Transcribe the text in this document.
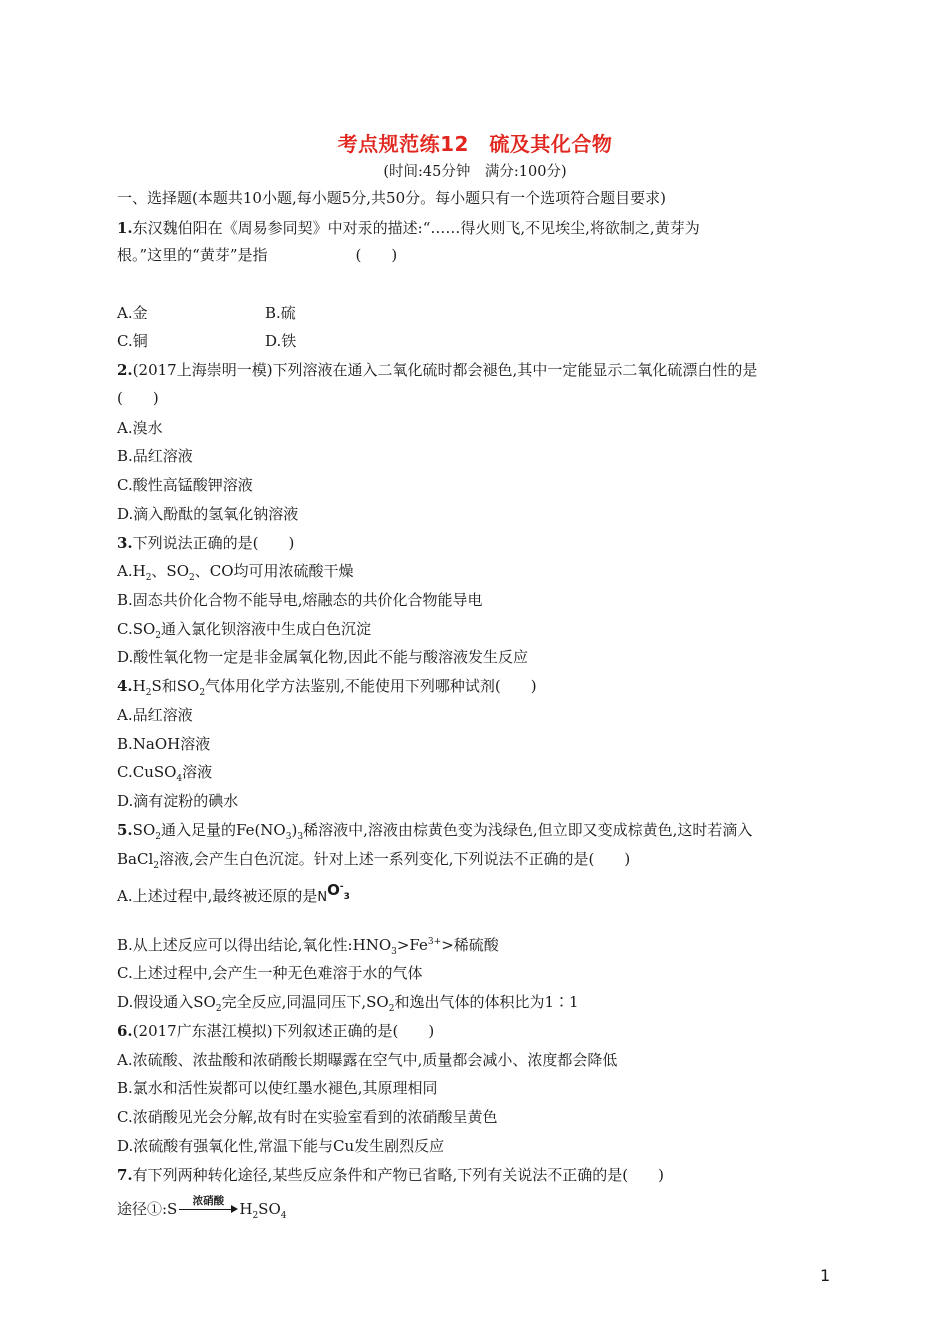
考点规范练12　硫及其化合物
(时间:45分钟　满分:100分)
一、选择题(本题共10小题,每小题5分,共50分。每小题只有一个选项符合题目要求)
1.东汉魏伯阳在《周易参同契》中对汞的描述:“……得火则飞,不见埃尘,将欲制之,黄芽为
根。”这里的“黄芽”是指	(　　)
A.金	B.硫
C.铜	D.铁
2.(2017上海崇明一模)下列溶液在通入二氧化硫时都会褪色,其中一定能显示二氧化硫漂白性的是
(　　)
A.溴水
B.品红溶液
C.酸性高锰酸钾溶液
D.滴入酚酞的氢氧化钠溶液
3.下列说法正确的是(　　)
$A.H_2$、$SO_2$、CO均可用浓硫酸干燥
B.固态共价化合物不能导电,熔融态的共价化合物能导电
$C.SO_2$通入氯化钡溶液中生成白色沉淀
D.酸性氧化物一定是非金属氧化物,因此不能与酸溶液发生反应
$4.H_2S$和$SO_2$气体用化学方法鉴别,不能使用下列哪种试剂(　　)
A.品红溶液
B.NaOH溶液
C.CuSO$_4$溶液
D.滴有淀粉的碘水
$5.SO_2$通入足量的$Fe(NO_3)_3$稀溶液中,溶液由棕黄色变为浅绿色,但立即又变成棕黄色,这时若滴入
BaCl$_2$溶液,会产生白色沉淀。针对上述一系列变化,下列说法不正确的是(　　)
A.上述过程中,最终被还原的是$NO^-_3$
B.从上述反应可以得出结论,氧化性$:HNO_3>Fe^{3+}>$稀硫酸
C.上述过程中,会产生一种无色难溶于水的气体
D.假设通入$SO_2$完全反应,同温同压下$,SO_2$和逸出气体的体积比为1∶1
6.(2017广东湛江模拟)下列叙述正确的是(　　)
A.浓硫酸、浓盐酸和浓硝酸长期曝露在空气中,质量都会减小、浓度都会降低
B.氯水和活性炭都可以使红墨水褪色,其原理相同
C.浓硝酸见光会分解,故有时在实验室看到的浓硝酸呈黄色
D.浓硫酸有强氧化性,常温下能与Cu发生剧烈反应
7.有下列两种转化途径,某些反应条件和产物已省略,下列有关说法不正确的是(　　)
途径①:S	浓硝酸	$H_2SO_4$
1
